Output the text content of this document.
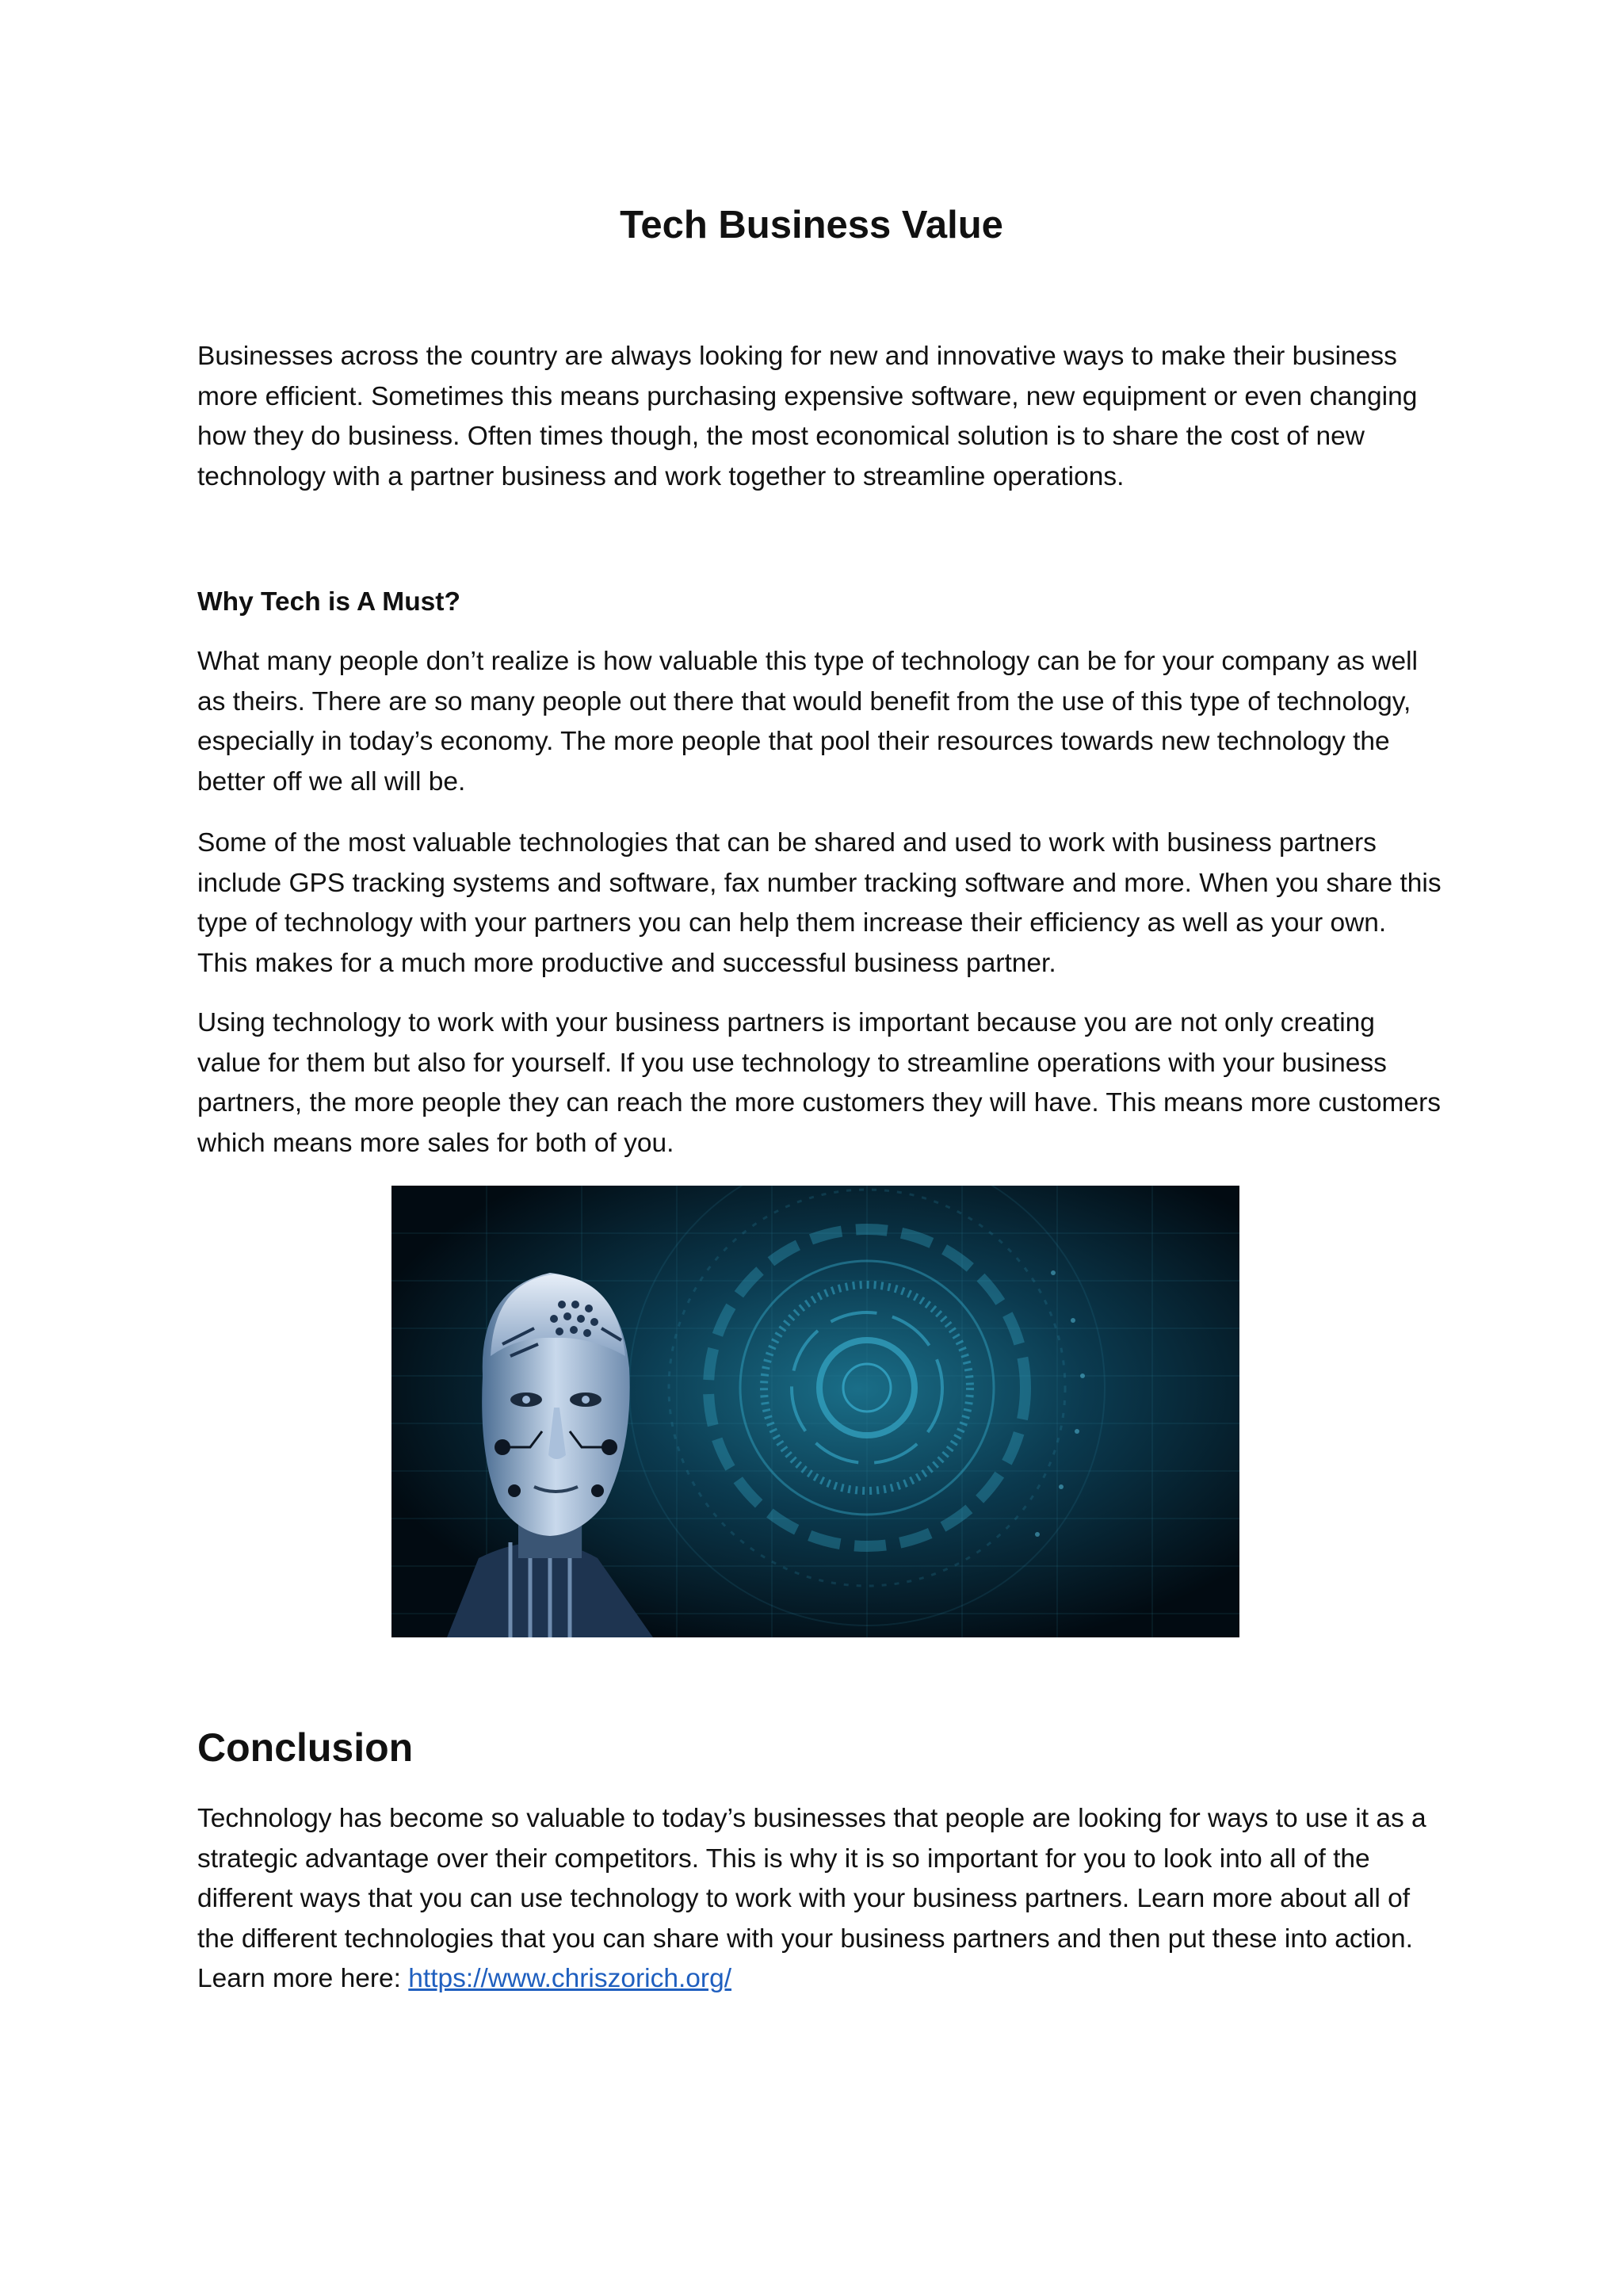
Tech Business Value

Businesses across the country are always looking for new and innovative ways to make their business more efficient. Sometimes this means purchasing expensive software, new equipment or even changing how they do business. Often times though, the most economical solution is to share the cost of new technology with a partner business and work together to streamline operations.

Why Tech is A Must?

What many people don’t realize is how valuable this type of technology can be for your company as well as theirs. There are so many people out there that would benefit from the use of this type of technology, especially in today’s economy. The more people that pool their resources towards new technology the better off we all will be.

Some of the most valuable technologies that can be shared and used to work with business partners include GPS tracking systems and software, fax number tracking software and more. When you share this type of technology with your partners you can help them increase their efficiency as well as your own. This makes for a much more productive and successful business partner.

Using technology to work with your business partners is important because you are not only creating value for them but also for yourself. If you use technology to streamline operations with your business partners, the more people they can reach the more customers they will have. This means more customers which means more sales for both of you.

Conclusion

Technology has become so valuable to today’s businesses that people are looking for ways to use it as a strategic advantage over their competitors. This is why it is so important for you to look into all of the different ways that you can use technology to work with your business partners. Learn more about all of the different technologies that you can share with your business partners and then put these into action. Learn more here: https://www.chriszorich.org/
